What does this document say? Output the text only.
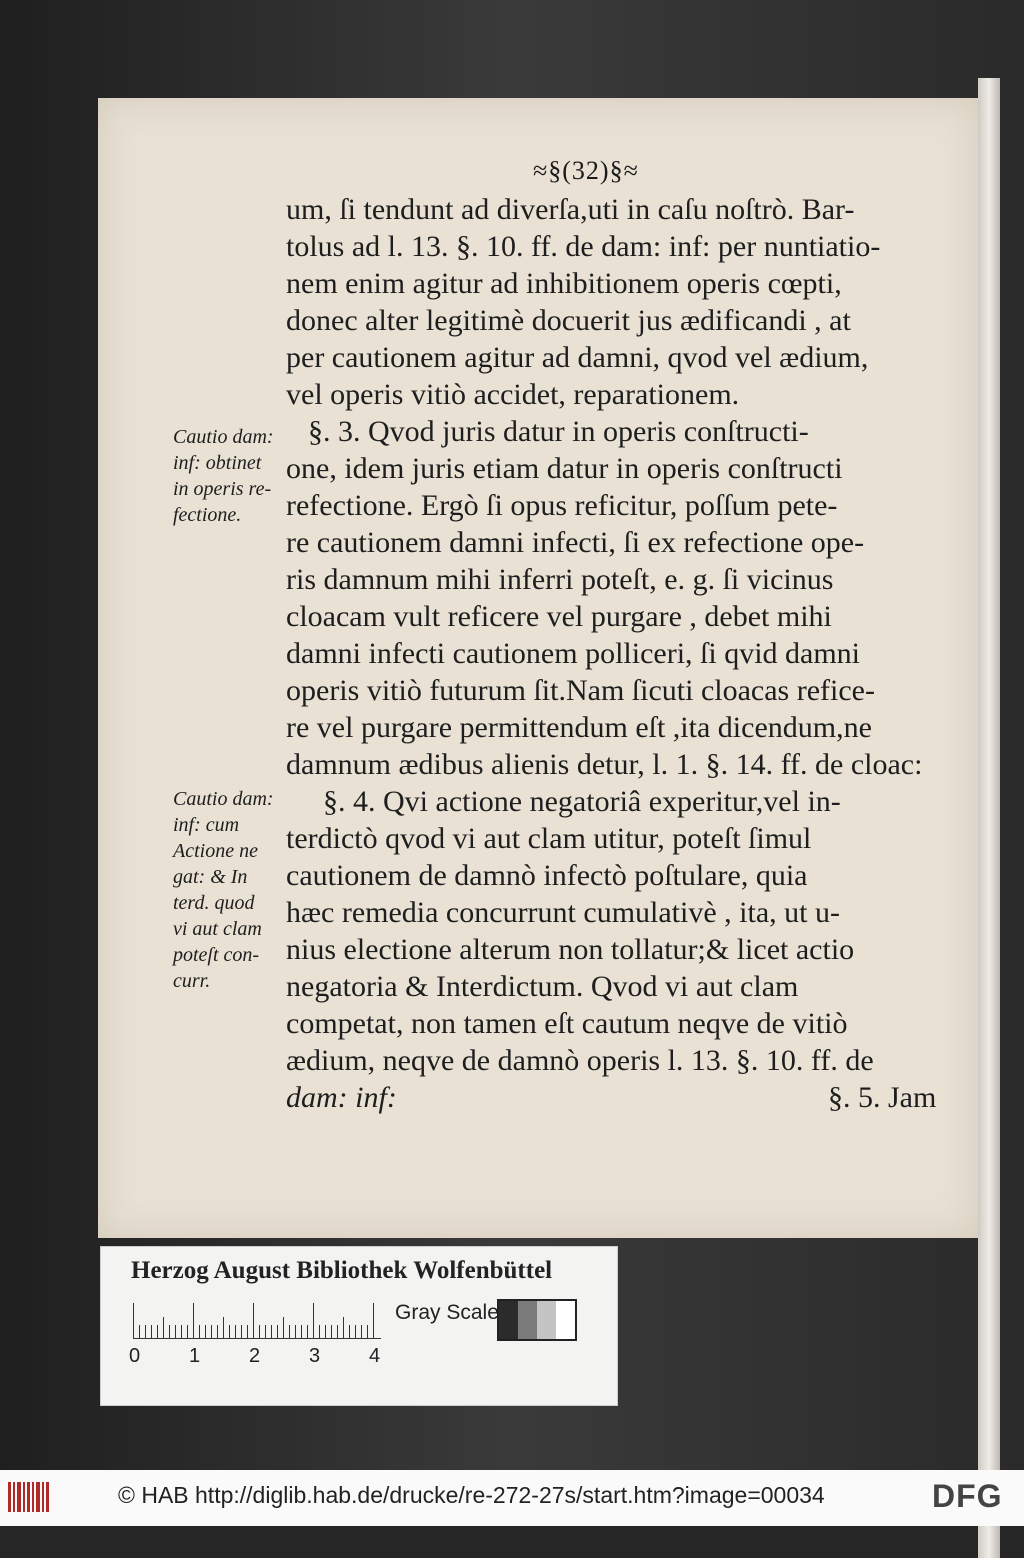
≈§(32)§≈
um, ſi tendunt ad diverſa,uti in caſu noſtrò. Bar-
tolus ad l. 13. §. 10. ff. de dam: inf: per nuntiatio-
nem enim agitur ad inhibitionem operis cœpti,
donec alter legitimè docuerit jus ædificandi , at
per cautionem agitur ad damni, qvod vel ædium,
vel operis vitiò accidet, reparationem.
§. 3. Qvod juris datur in operis conſtructi-
one, idem juris etiam datur in operis conſtructi
refectione. Ergò ſi opus reficitur, poſſum pete-
re cautionem damni infecti, ſi ex refectione ope-
ris damnum mihi inferri poteſt, e. g. ſi vicinus
cloacam vult reficere vel purgare , debet mihi
damni infecti cautionem polliceri, ſi qvid damni
operis vitiò futurum ſit.Nam ſicuti cloacas refice-
re vel purgare permittendum eſt ,ita dicendum,ne
damnum ædibus alienis detur, l. 1. §. 14. ff. de cloac:
§. 4. Qvi actione negatoriâ experitur,vel in-
terdictò qvod vi aut clam utitur, poteſt ſimul
cautionem de damnò infectò poſtulare, quia
hæc remedia concurrunt cumulativè , ita, ut u-
nius electione alterum non tollatur;& licet actio
negatoria & Interdictum. Qvod vi aut clam
competat, non tamen eſt cautum neqve de vitiò
ædium, neqve de damnò operis l. 13. §. 10. ff. de
dam: inf:
Cautio dam:
inf: obtinet
in operis re-
fectione.
Cautio dam:
inf: cum
Actione ne
gat: & In
terd. quod
vi aut clam
poteſt con-
curr.
§. 5. Jam
Herzog August Bibliothek Wolfenbüttel
0 1 2 3 4
Gray Scale
© HAB http://diglib.hab.de/drucke/re-272-27s/start.htm?image=00034	DFG
